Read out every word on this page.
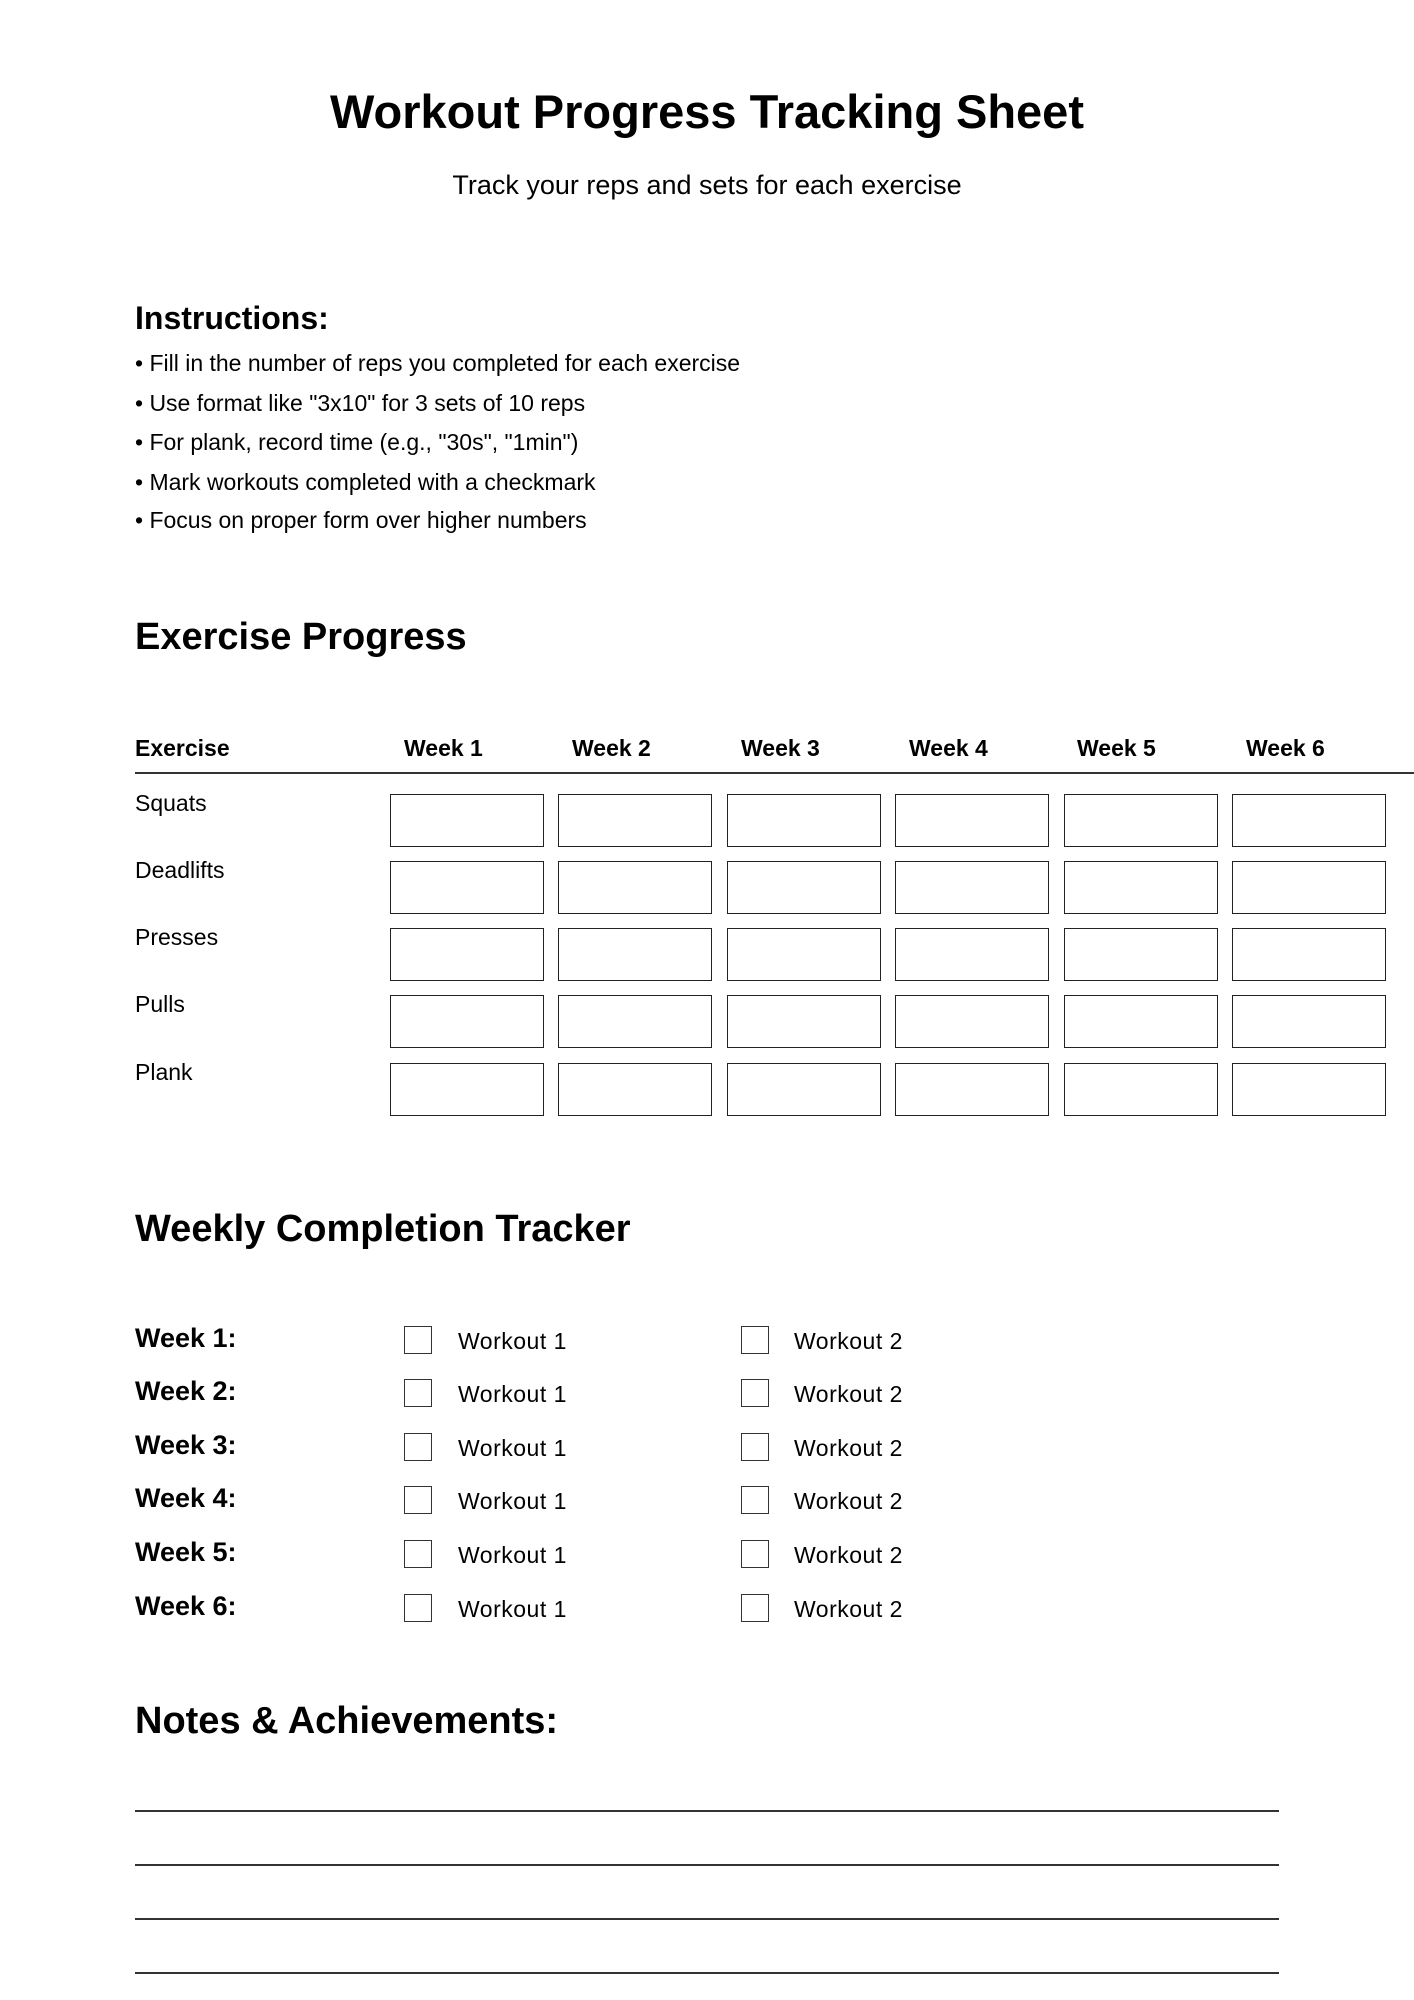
Workout Progress Tracking Sheet
Track your reps and sets for each exercise
Instructions:
Exercise Progress
Weekly Completion Tracker
Notes & Achievements:
• Fill in the number of reps you completed for each exercise
• Use format like "3x10" for 3 sets of 10 reps
• For plank, record time (e.g., "30s", "1min")
• Mark workouts completed with a checkmark
• Focus on proper form over higher numbers
Exercise	Week 1	Week 2	Week 3	Week 4	Week 5	Week 6
Squats
Deadlifts
Presses
Pulls
Plank
Week 1:	Workout 1	Workout 2
Week 2:	Workout 1	Workout 2
Week 3:	Workout 1	Workout 2
Week 4:	Workout 1	Workout 2
Week 5:	Workout 1	Workout 2
Week 6:	Workout 1	Workout 2
